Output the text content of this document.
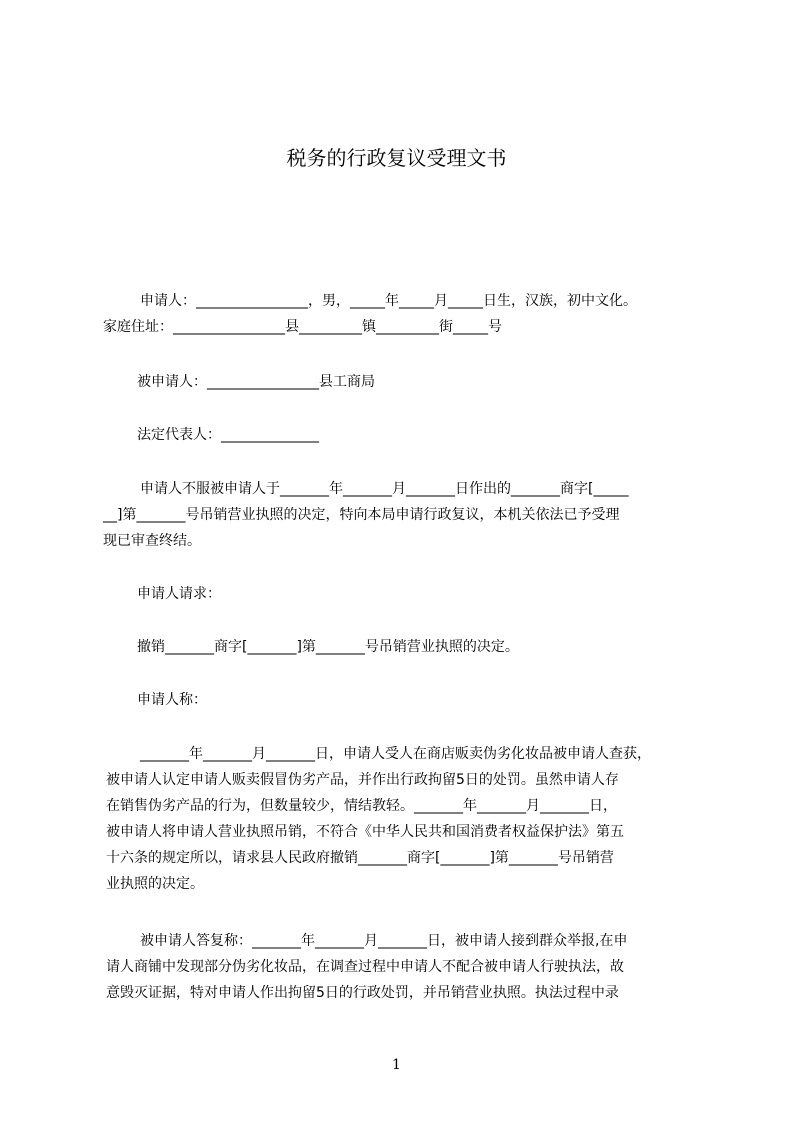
税务的行政复议受理文书
申请人：________________，男，_____年_____月_____日生，汉族，初中文化。
家庭住址：________________县_________镇_________街_____号
被申请人：________________县工商局
法定代表人：______________
申请人不服被申请人于_______年_______月_______日作出的_______商字[_____
__]第_______号吊销营业执照的决定，特向本局申请行政复议，本机关依法已予受理
现已审查终结。
申请人请求：
撤销_______商字[_______]第_______号吊销营业执照的决定。
申请人称：
_______年_______月_______日，申请人受人在商店贩卖伪劣化妆品被申请人查获，
被申请人认定申请人贩卖假冒伪劣产品，并作出行政拘留5日的处罚。虽然申请人存
在销售伪劣产品的行为，但数量较少，情结教轻。_______年_______月_______日，
被申请人将申请人营业执照吊销，不符合《中华人民共和国消费者权益保护法》第五
十六条的规定所以，请求县人民政府撤销_______商字[_______]第_______号吊销营
业执照的决定。
被申请人答复称：_______年_______月_______日，被申请人接到群众举报,在申
请人商铺中发现部分伪劣化妆品，在调查过程中申请人不配合被申请人行驶执法，故
意毁灭证据，特对申请人作出拘留5日的行政处罚，并吊销营业执照。执法过程中录
1
